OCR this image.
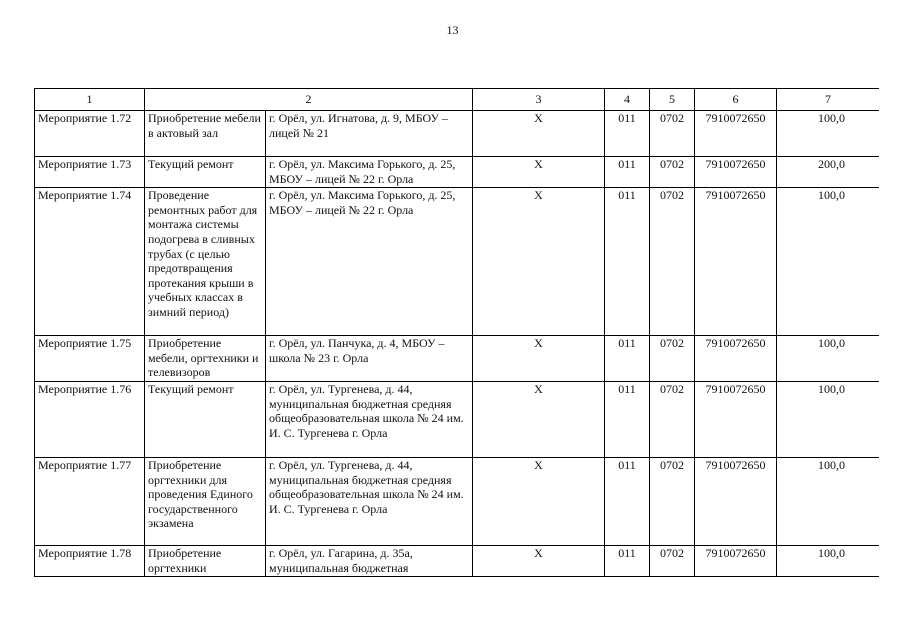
13
1	2		3	4	5	6	7
Мероприятие 1.72	Приобретение мебели в актовый зал	г. Орёл, ул. Игнатова, д. 9, МБОУ – лицей № 21	X	011	0702	7910072650	100,0
Мероприятие 1.73	Текущий ремонт	г. Орёл, ул. Максима Горького, д. 25, МБОУ – лицей № 22 г. Орла	X	011	0702	7910072650	200,0
Мероприятие 1.74	Проведение ремонтных работ для монтажа системы подогрева в сливных трубах (с целью предотвращения протекания крыши в учебных классах в зимний период)	г. Орёл, ул. Максима Горького, д. 25, МБОУ – лицей № 22 г. Орла	X	011	0702	7910072650	100,0
Мероприятие 1.75	Приобретение мебели, оргтехники и телевизоров	г. Орёл, ул. Панчука, д. 4, МБОУ – школа № 23 г. Орла	X	011	0702	7910072650	100,0
Мероприятие 1.76	Текущий ремонт	г. Орёл, ул. Тургенева, д. 44, муниципальная бюджетная средняя общеобразовательная школа № 24 им. И. С. Тургенева г. Орла	X	011	0702	7910072650	100,0
Мероприятие 1.77	Приобретение оргтехники для проведения Единого государственного экзамена	г. Орёл, ул. Тургенева, д. 44, муниципальная бюджетная средняя общеобразовательная школа № 24 им. И. С. Тургенева г. Орла	X	011	0702	7910072650	100,0
Мероприятие 1.78	Приобретение оргтехники	г. Орёл, ул. Гагарина, д. 35а, муниципальная бюджетная	X	011	0702	7910072650	100,0
